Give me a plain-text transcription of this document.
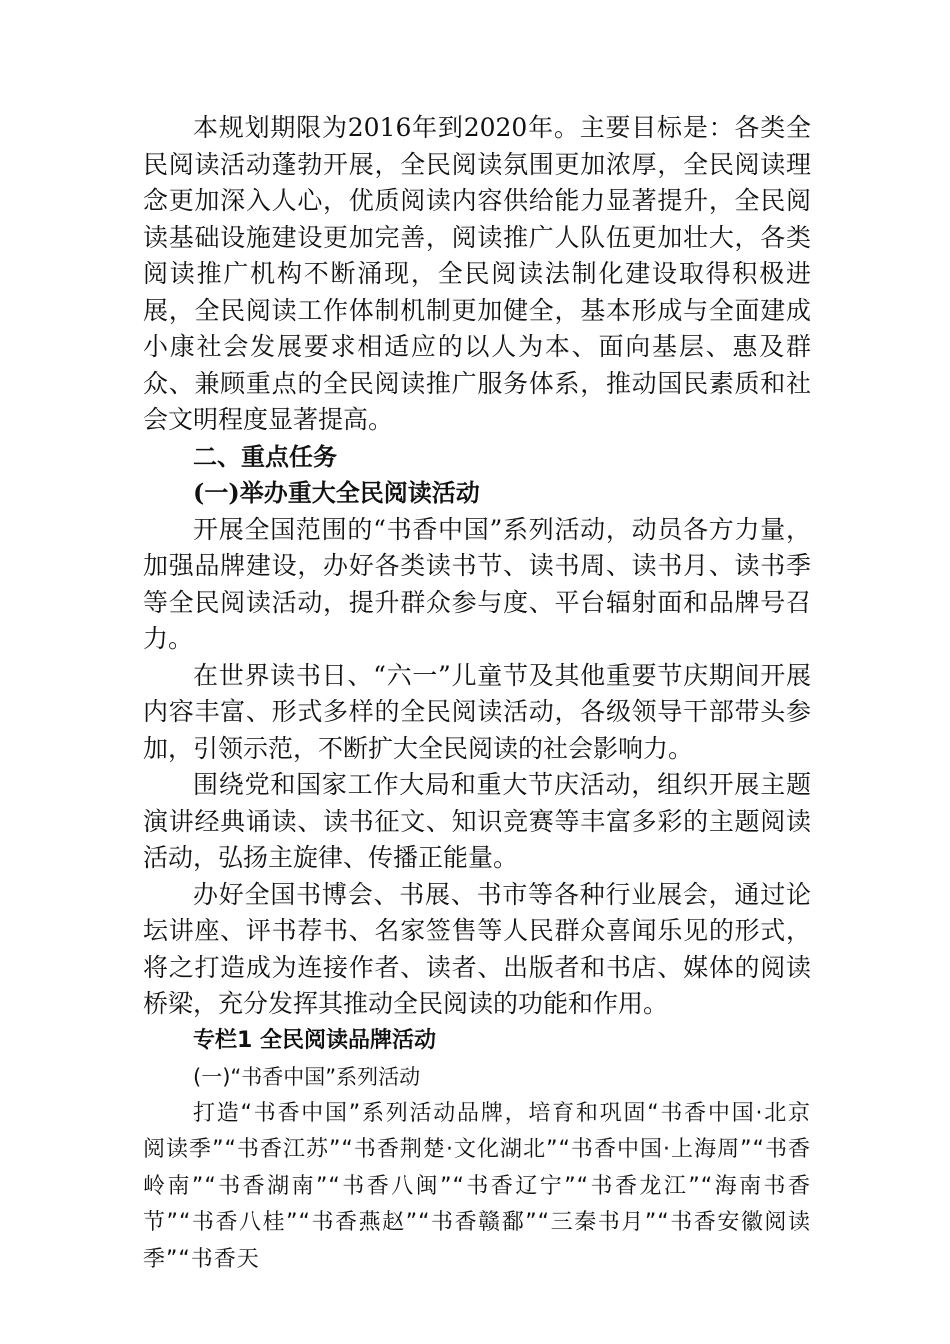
本规划期限为2016年到2020年。主要目标是：各类全民阅读活动蓬勃开展，全民阅读氛围更加浓厚，全民阅读理念更加深入人心，优质阅读内容供给能力显著提升，全民阅读基础设施建设更加完善，阅读推广人队伍更加壮大，各类阅读推广机构不断涌现，全民阅读法制化建设取得积极进展，全民阅读工作体制机制更加健全，基本形成与全面建成小康社会发展要求相适应的以人为本、面向基层、惠及群众、兼顾重点的全民阅读推广服务体系，推动国民素质和社会文明程度显著提高。

二、重点任务

(一)举办重大全民阅读活动

开展全国范围的“书香中国”系列活动，动员各方力量，加强品牌建设，办好各类读书节、读书周、读书月、读书季等全民阅读活动，提升群众参与度、平台辐射面和品牌号召力。

在世界读书日、“六一”儿童节及其他重要节庆期间开展内容丰富、形式多样的全民阅读活动，各级领导干部带头参加，引领示范，不断扩大全民阅读的社会影响力。

围绕党和国家工作大局和重大节庆活动，组织开展主题演讲经典诵读、读书征文、知识竞赛等丰富多彩的主题阅读活动，弘扬主旋律、传播正能量。

办好全国书博会、书展、书市等各种行业展会，通过论坛讲座、评书荐书、名家签售等人民群众喜闻乐见的形式，将之打造成为连接作者、读者、出版者和书店、媒体的阅读桥梁，充分发挥其推动全民阅读的功能和作用。

专栏1 全民阅读品牌活动

(一)“书香中国”系列活动

打造“书香中国”系列活动品牌，培育和巩固“书香中国·北京阅读季”“书香江苏”“书香荆楚·文化湖北”“书香中国·上海周”“书香岭南”“书香湖南”“书香八闽”“书香辽宁”“书香龙江”“海南书香节”“书香八桂”“书香燕赵”“书香赣鄱”“三秦书月”“书香安徽阅读季”“书香天
